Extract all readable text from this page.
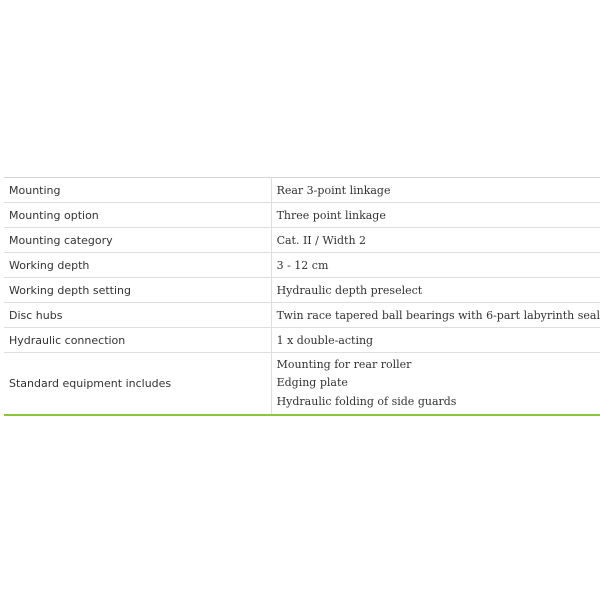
Mounting	Rear 3-point linkage
Mounting option	Three point linkage
Mounting category	Cat. II / Width 2
Working depth	3 - 12 cm
Working depth setting	Hydraulic depth preselect
Disc hubs	Twin race tapered ball bearings with 6-part labyrinth seal
Hydraulic connection	1 x double-acting
Standard equipment includes	Mounting for rear roller
Edging plate
Hydraulic folding of side guards
